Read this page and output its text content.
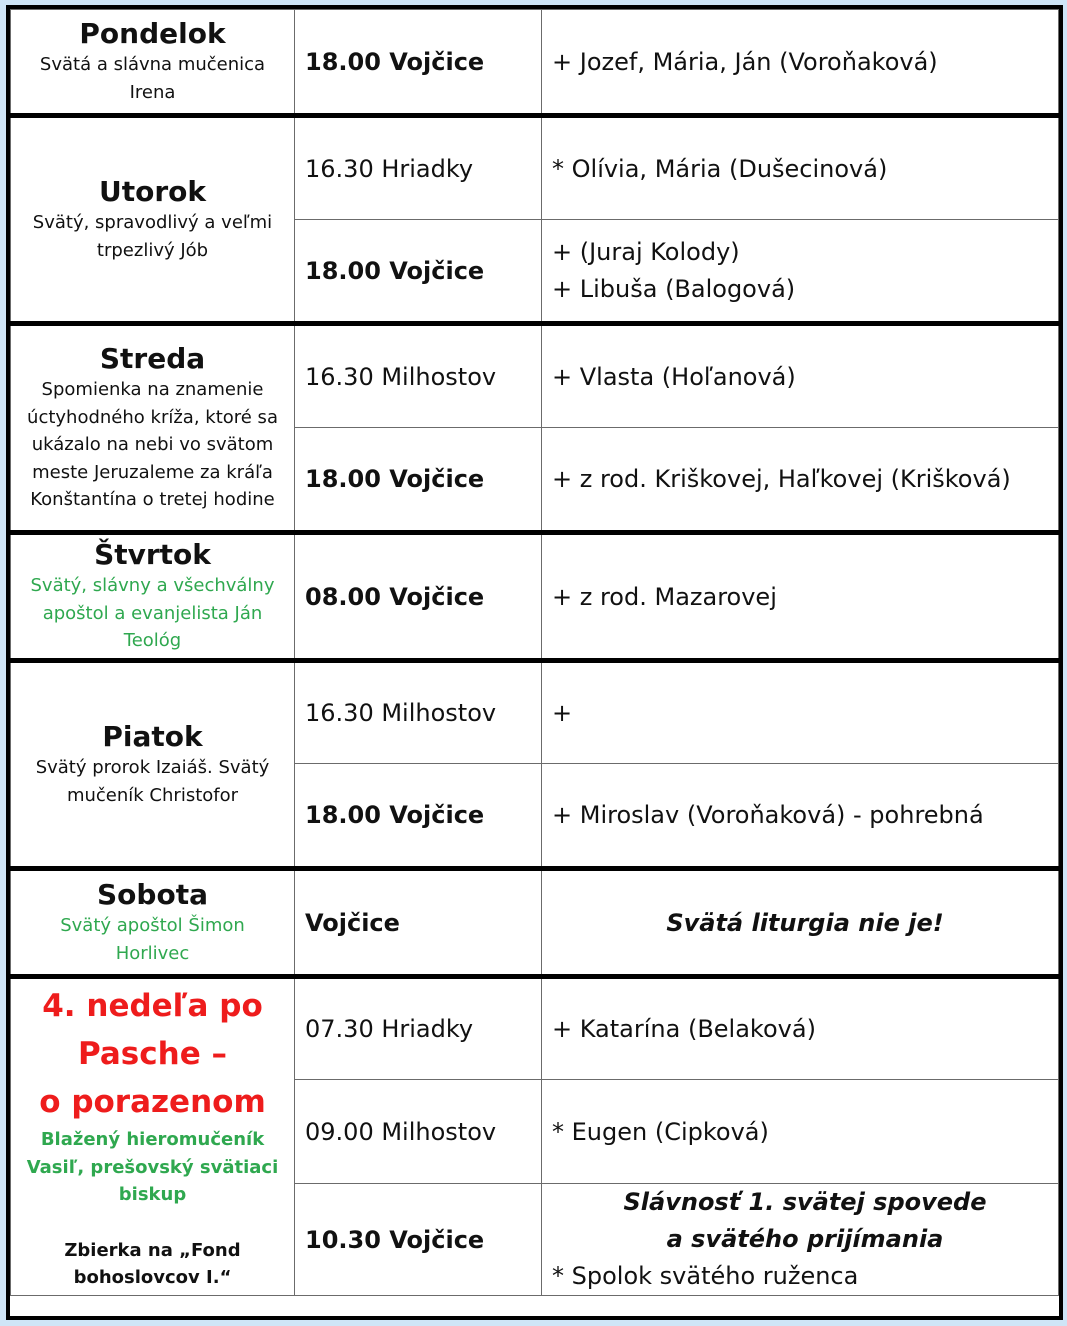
Pondelok
Svätá a slávna mučenica Irena	18.00 Vojčice	+ Jozef, Mária, Ján (Voroňaková)

Utorok
Svätý, spravodlivý a veľmi trpezlivý Jób	16.30 Hriadky	* Olívia, Mária (Dušecinová)
	18.00 Vojčice	+ (Juraj Kolody)
+ Libuša (Balogová)

Streda
Spomienka na znamenie úctyhodného kríža, ktoré sa ukázalo na nebi vo svätom meste Jeruzaleme za kráľa Konštantína o tretej hodine	16.30 Milhostov	+ Vlasta (Hoľanová)
	18.00 Vojčice	+ z rod. Kriškovej, Haľkovej (Krišková)

Štvrtok
Svätý, slávny a všechválny apoštol a evanjelista Ján Teológ	08.00 Vojčice	+ z rod. Mazarovej

Piatok
Svätý prorok Izaiáš. Svätý mučeník Christofor	16.30 Milhostov	+
	18.00 Vojčice	+ Miroslav (Voroňaková) - pohrebná

Sobota
Svätý apoštol Šimon Horlivec	Vojčice	Svätá liturgia nie je!

4. nedeľa po
Pasche –
o porazenom
Blažený hieromučeník Vasiľ, prešovský svätiaci biskup
Zbierka na „Fond bohoslovcov I.“	07.30 Hriadky	+ Katarína (Belaková)
	09.00 Milhostov	* Eugen (Cipková)
	10.30 Vojčice	Slávnosť 1. svätej spovede
a svätého prijímania
* Spolok svätého ruženca
